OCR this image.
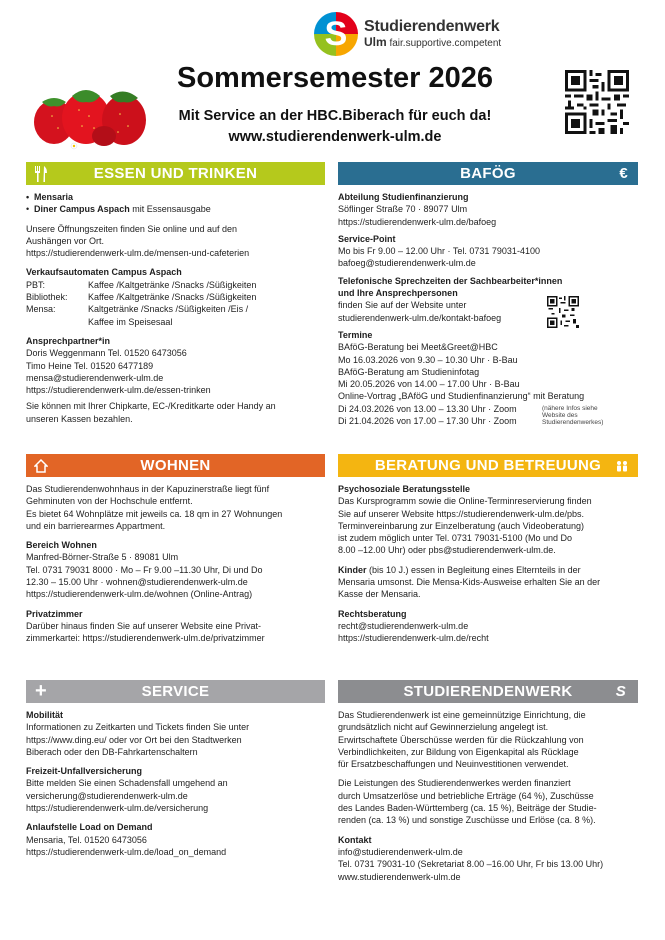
S	Studierendenwerk
Ulm fair.supportive.competent
Sommersemester 2026
Mit Service an der HBC.Biberach für euch da!
www.studierendenwerk-ulm.de
ESSEN UND TRINKEN

• Mensaria

• Diner Campus Aspach mit Essensausgabe

Unsere Öffnungszeiten finden Sie online und auf den

Aushängen vor Ort.

https://studierendenwerk-ulm.de/mensen-und-cafeterien

Verkaufsautomaten Campus Aspach

PBT:	Kaffee /Kaltgetränke /Snacks /Süßigkeiten
Bibliothek:	Kaffee /Kaltgetränke /Snacks /Süßigkeiten
Mensa:	Kaltgetränke /Snacks /Süßigkeiten /Eis /
Kaffee im Speisesaal

Ansprechpartner*in

Doris Weggenmann Tel. 01520 6473056

Timo Heine Tel. 01520 6477189

mensa@studierendenwerk-ulm.de

https://studierendenwerk-ulm.de/essen-trinken

Sie können mit Ihrer Chipkarte, EC-/Kreditkarte oder Handy an

unseren Kassen bezahlen.

BAFÖG	€

Abteilung Studienfinanzierung

Söflinger Straße 70 · 89077 Ulm

https://studierendenwerk-ulm.de/bafoeg

Service-Point

Mo bis Fr 9.00 – 12.00 Uhr · Tel. 0731 79031-4100

bafoeg@studierendenwerk-ulm.de

Telefonische Sprechzeiten der Sachbearbeiter*innen

und Ihre Ansprechpersonen

finden Sie auf der Website unter

studierendenwerk-ulm.de/kontakt-bafoeg

Termine

BAföG-Beratung bei Meet&Greet@HBC

Mo 16.03.2026 von 9.30 – 10.30 Uhr · B-Bau

BAföG-Beratung am Studieninfotag

Mi 20.05.2026 von 14.00 – 17.00 Uhr · B-Bau

Online-Vortrag „BAföG und Studienfinanzierung“ mit Beratung

Di 24.03.2026 von 13.00 – 13.30 Uhr · Zoom

Di 21.04.2026 von 17.00 – 17.30 Uhr · Zoom

(nähere Infos siehe Website des Studierendenwerkes)
WOHNEN

Das Studierendenwohnhaus in der Kapuzinerstraße liegt fünf

Gehminuten von der Hochschule entfernt.

Es bietet 64 Wohnplätze mit jeweils ca. 18 qm in 27 Wohnungen

und ein barrierearmes Appartment.

Bereich Wohnen

Manfred-Börner-Straße 5 · 89081 Ulm

Tel. 0731 79031 8000 · Mo – Fr 9.00 –11.30 Uhr, Di und Do

12.30 – 15.00 Uhr · wohnen@studierendenwerk-ulm.de

https://studierendenwerk-ulm.de/wohnen (Online-Antrag)

Privatzimmer

Darüber hinaus finden Sie auf unserer Website eine Privat-

zimmerkartei: https://studierendenwerk-ulm.de/privatzimmer

BERATUNG UND BETREUUNG

Psychosoziale Beratungsstelle

Das Kursprogramm sowie die Online-Terminreservierung finden

Sie auf unserer Website https://studierendenwerk-ulm.de/pbs.

Terminvereinbarung zur Einzelberatung (auch Videoberatung)

ist zudem möglich unter Tel. 0731 79031-5100 (Mo und Do

8.00 –12.00 Uhr) oder pbs@studierendenwerk-ulm.de.

Kinder (bis 10 J.) essen in Begleitung eines Elternteils in der

Mensaria umsonst. Die Mensa-Kids-Ausweise erhalten Sie an der

Kasse der Mensaria.

Rechtsberatung

recht@studierendenwerk-ulm.de

https://studierendenwerk-ulm.de/recht

+	SERVICE

Mobilität

Informationen zu Zeitkarten und Tickets finden Sie unter

https://www.ding.eu/ oder vor Ort bei den Stadtwerken

Biberach oder den DB-Fahrkartenschaltern

Freizeit-Unfallversicherung

Bitte melden Sie einen Schadensfall umgehend an

versicherung@studierendenwerk-ulm.de

https://studierendenwerk-ulm.de/versicherung

Anlaufstelle Load on Demand

Mensaria, Tel. 01520 6473056

https://studierendenwerk-ulm.de/load_on_demand

STUDIERENDENWERK	S

Das Studierendenwerk ist eine gemeinnützige Einrichtung, die

grundsätzlich nicht auf Gewinnerzielung angelegt ist.

Erwirtschaftete Überschüsse werden für die Rückzahlung von

Verbindlichkeiten, zur Bildung von Eigenkapital als Rücklage

für Ersatzbeschaffungen und Neuinvestitionen verwendet.

Die Leistungen des Studierendenwerkes werden finanziert

durch Umsatzerlöse und betriebliche Erträge (64 %), Zuschüsse

des Landes Baden-Württemberg (ca. 15 %), Beiträge der Studie-

renden (ca. 13 %) und sonstige Zuschüsse und Erlöse (ca. 8 %).

Kontakt

info@studierendenwerk-ulm.de

Tel. 0731 79031-10 (Sekretariat 8.00 –16.00 Uhr, Fr bis 13.00 Uhr)

www.studierendenwerk-ulm.de
